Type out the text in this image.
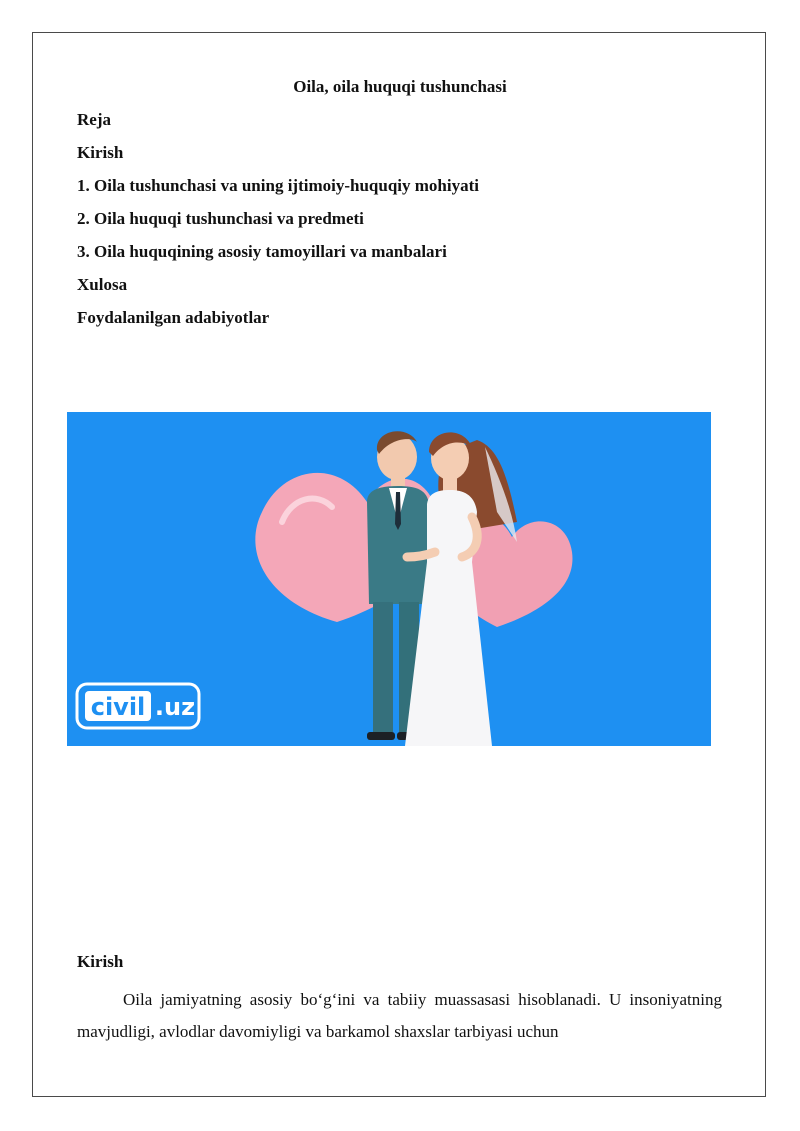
Oila, oila huquqi tushunchasi
Reja
Kirish
1. Oila tushunchasi va uning ijtimoiy-huquqiy mohiyati
2. Oila huquqi tushunchasi va predmeti
3. Oila huquqining asosiy tamoyillari va manbalari
Xulosa
Foydalanilgan adabiyotlar
civil .uz
Kirish
Oila jamiyatning asosiy bo‘g‘ini va tabiiy muassasasi hisoblanadi. U insoniyatning mavjudligi, avlodlar davomiyligi va barkamol shaxslar tarbiyasi uchun
